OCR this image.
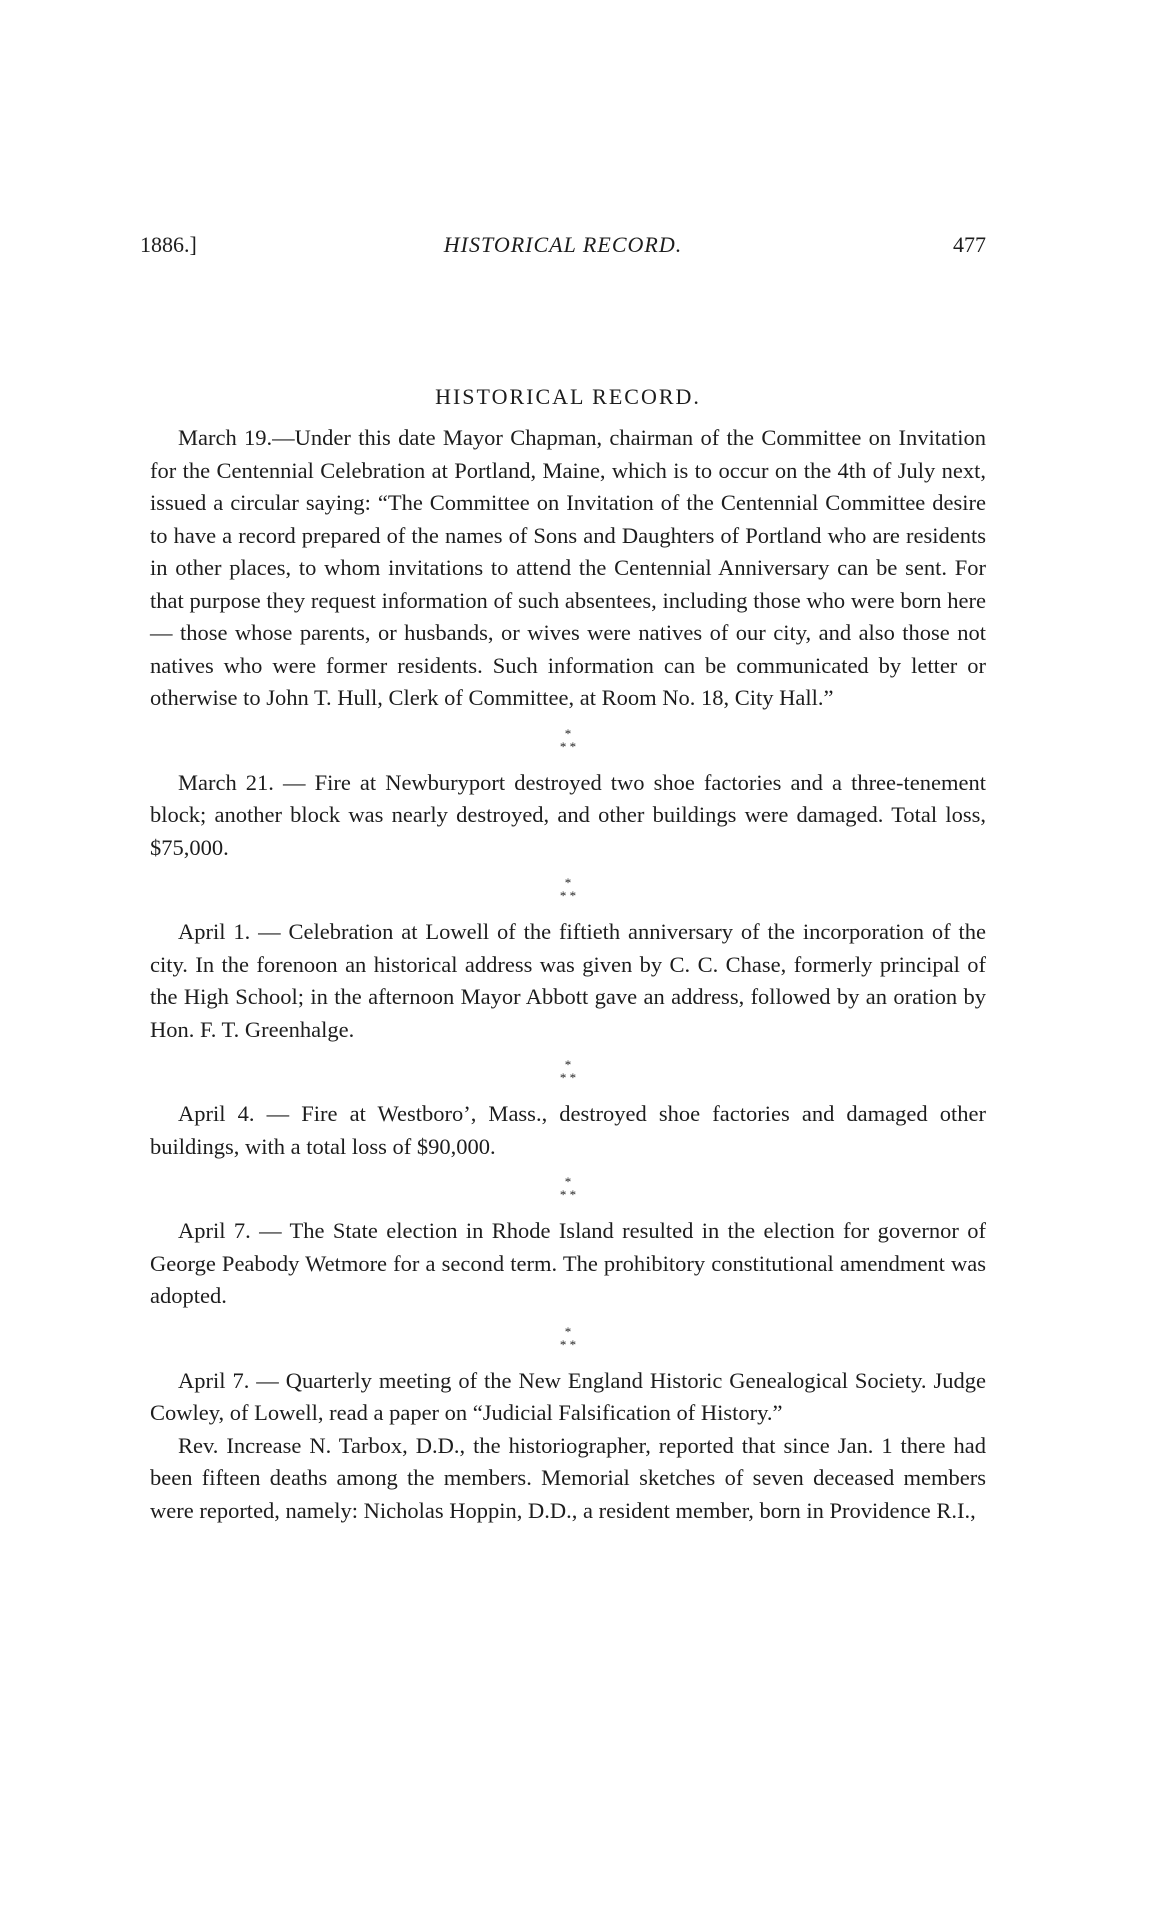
1886.]	HISTORICAL RECORD.	477
HISTORICAL RECORD.

March 19.—Under this date Mayor Chapman, chairman of the Committee on Invitation for the Centennial Celebration at Portland, Maine, which is to occur on the 4th of July next, issued a circular saying: “The Committee on Invitation of the Centennial Committee desire to have a record prepared of the names of Sons and Daughters of Portland who are residents in other places, to whom invitations to attend the Centennial Anniversary can be sent. For that purpose they request information of such absentees, including those who were born here — those whose parents, or husbands, or wives were natives of our city, and also those not natives who were former residents. Such information can be communicated by letter or otherwise to John T. Hull, Clerk of Committee, at Room No. 18, City Hall.”

*
* *

March 21. — Fire at Newburyport destroyed two shoe factories and a three-tenement block; another block was nearly destroyed, and other buildings were damaged. Total loss, $75,000.

*
* *

April 1. — Celebration at Lowell of the fiftieth anniversary of the incorporation of the city. In the forenoon an historical address was given by C. C. Chase, formerly principal of the High School; in the afternoon Mayor Abbott gave an address, followed by an oration by Hon. F. T. Greenhalge.

*
* *

April 4. — Fire at Westboro’, Mass., destroyed shoe factories and damaged other buildings, with a total loss of $90,000.

*
* *

April 7. — The State election in Rhode Island resulted in the election for governor of George Peabody Wetmore for a second term. The prohibitory constitutional amendment was adopted.

*
* *

April 7. — Quarterly meeting of the New England Historic Genealogical Society. Judge Cowley, of Lowell, read a paper on “Judicial Falsification of History.”

Rev. Increase N. Tarbox, D.D., the historiographer, reported that since Jan. 1 there had been fifteen deaths among the members. Memorial sketches of seven deceased members were reported, namely: Nicholas Hoppin, D.D., a resident member, born in Providence R.I.,
